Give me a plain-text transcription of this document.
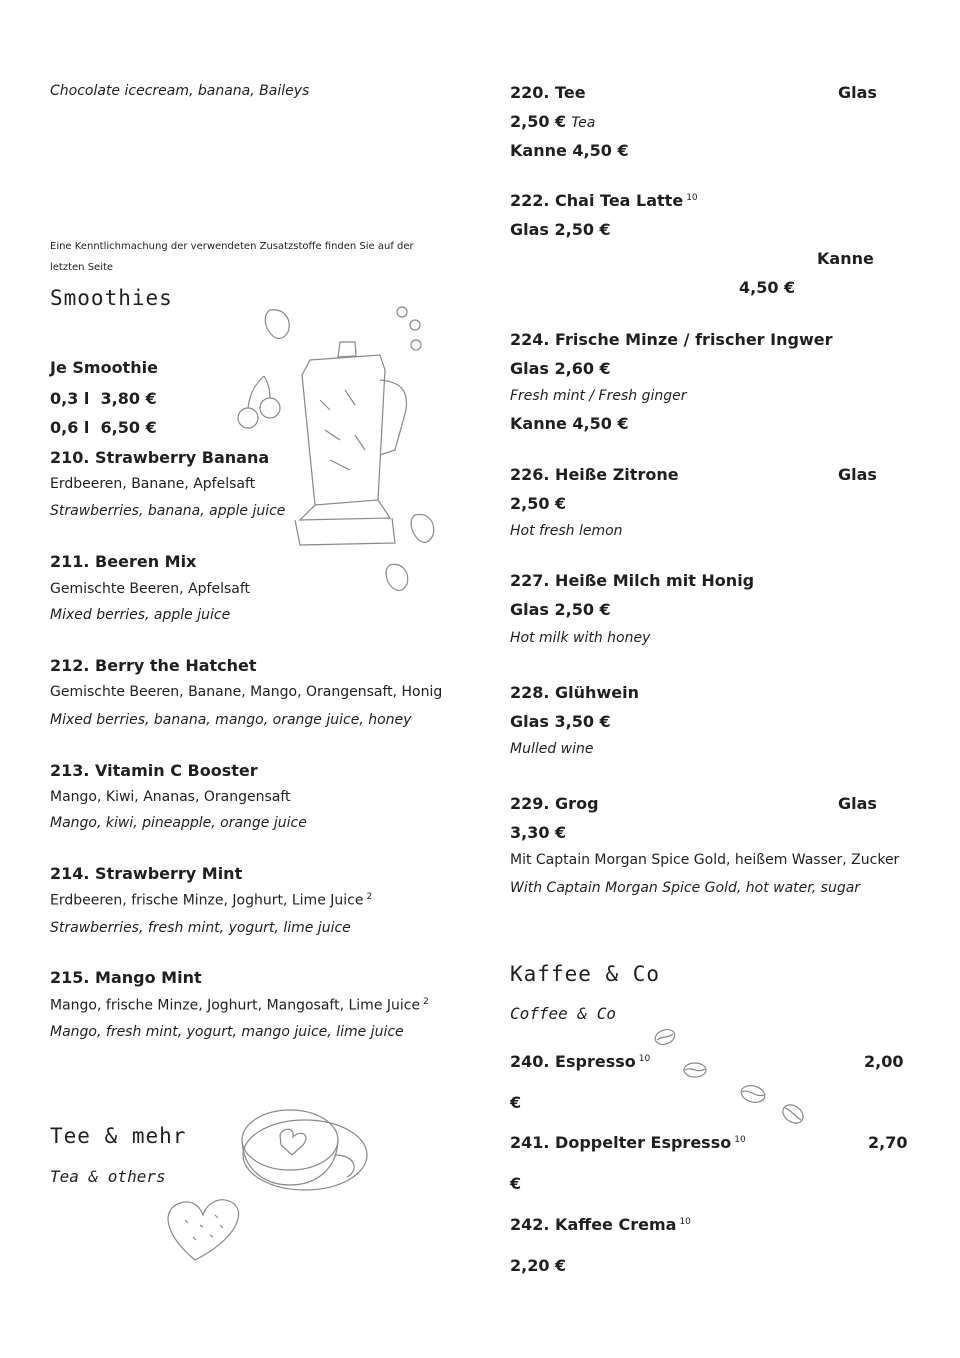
Chocolate icecream, banana, Baileys
Eine Kenntlichmachung der verwendeten Zusatzstoffe finden Sie auf der
letzten Seite
Smoothies
Je Smoothie
0,3 l  3,80 €
0,6 l  6,50 €
210. Strawberry Banana
Erdbeeren, Banane, Apfelsaft
Strawberries, banana, apple juice
211. Beeren Mix
Gemischte Beeren, Apfelsaft
Mixed berries, apple juice
212. Berry the Hatchet
Gemischte Beeren, Banane, Mango, Orangensaft, Honig
Mixed berries, banana, mango, orange juice, honey
213. Vitamin C Booster
Mango, Kiwi, Ananas, Orangensaft
Mango, kiwi, pineapple, orange juice
214. Strawberry Mint
Erdbeeren, frische Minze, Joghurt, Lime Juice $^2$
Strawberries, fresh mint, yogurt, lime juice
215. Mango Mint
Mango, frische Minze, Joghurt, Mangosaft, Lime Juice $^2$
Mango, fresh mint, yogurt, mango juice, lime juice
Tee & mehr
Tea & others
220. Tee	Glas
2,50 € Tea
Kanne 4,50 €
222. Chai Tea Latte $^{10}$
Glas 2,50 €
Kanne
4,50 €
224. Frische Minze / frischer Ingwer
Glas 2,60 €
Fresh mint / Fresh ginger
Kanne 4,50 €
226. Heiße Zitrone	Glas
2,50 €
Hot fresh lemon
227. Heiße Milch mit Honig
Glas 2,50 €
Hot milk with honey
228. Glühwein
Glas 3,50 €
Mulled wine
229. Grog	Glas
3,30 €
Mit Captain Morgan Spice Gold, heißem Wasser, Zucker
With Captain Morgan Spice Gold, hot water, sugar
Kaffee & Co
Coffee & Co
240. Espresso $^{10}$	2,00
€
241. Doppelter Espresso $^{10}$	2,70
€
242. Kaffee Crema $^{10}$
2,20 €
